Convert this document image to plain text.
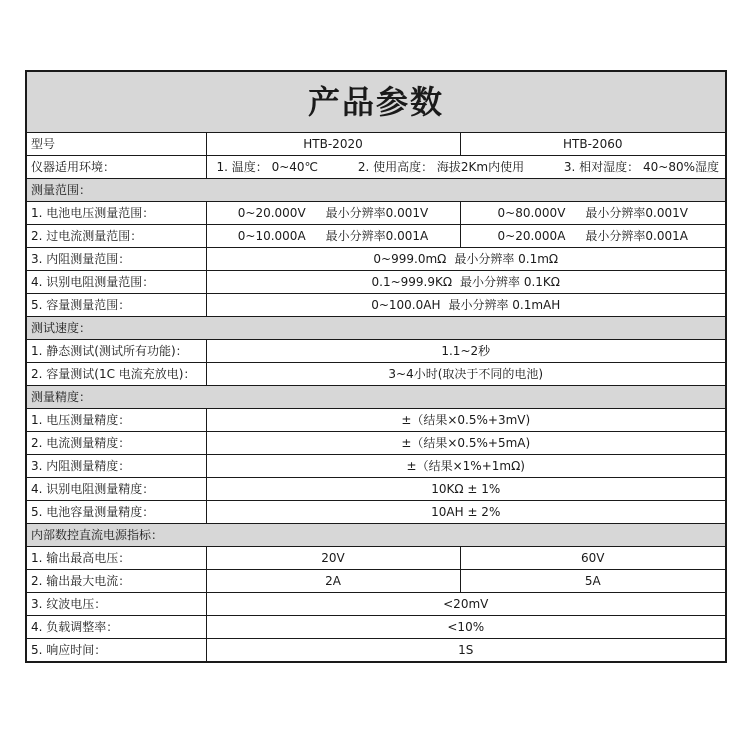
产品参数		
型号	HTB-2020	HTB-2060
仪器适用环境：	1. 温度： 0~40℃ 2. 使用高度： 海拔2Km内使用 3. 相对湿度： 40~80%湿度	

测量范围：		
1. 电池电压测量范围：	0~20.000V 最小分辨率0.001V	0~80.000V 最小分辨率0.001V

2. 过电流测量范围：	0~10.000A 最小分辨率0.001A	0~20.000A 最小分辨率0.001A

3. 内阻测量范围：	0~999.0mΩ 最小分辨率 0.1mΩ	

4. 识别电阻测量范围：	0.1~999.9KΩ 最小分辨率 0.1KΩ	

5. 容量测量范围：	0~100.0AH 最小分辨率 0.1mAH	

测试速度：		
1. 静态测试(测试所有功能)：	1.1~2秒	
2. 容量测试(1C 电流充放电)：	3~4小时(取决于不同的电池)	
测量精度：		
1. 电压测量精度：	±（结果×0.5%+3mV)	
2. 电流测量精度：	±（结果×0.5%+5mA)	
3. 内阻测量精度：	±（结果×1%+1mΩ)	
4. 识别电阻测量精度：	10KΩ ± 1%	
5. 电池容量测量精度：	10AH ± 2%	
内部数控直流电源指标：		
1. 输出最高电压：	20V	60V
2. 输出最大电流：	2A	5A
3. 纹波电压：	<20mV	
4. 负载调整率：	<10%	
5. 响应时间：	1S	
